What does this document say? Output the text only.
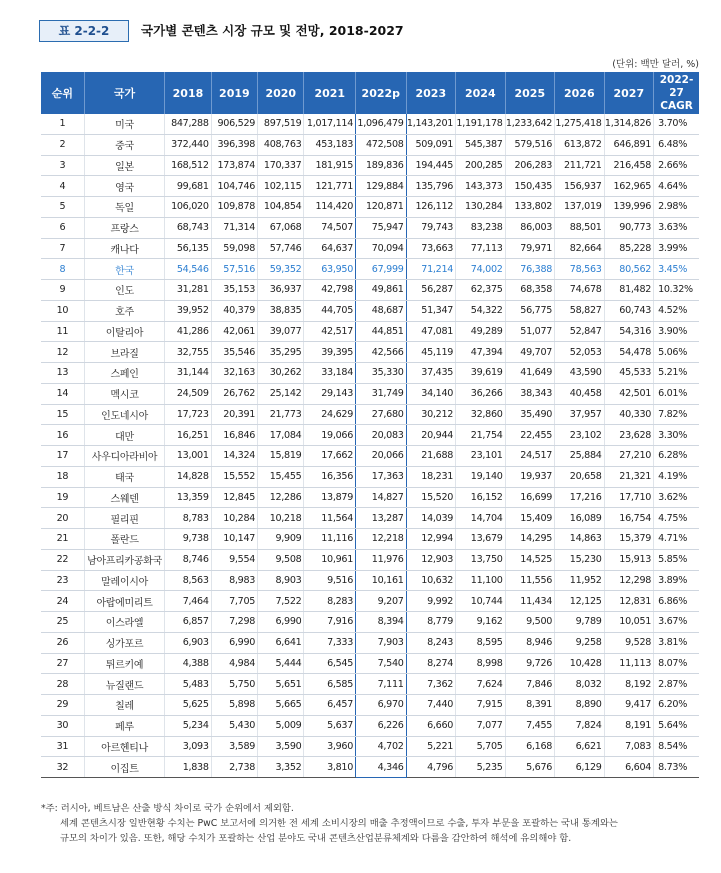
표 2-2-2	국가별 콘텐츠 시장 규모 및 전망, 2018-2027
(단위: 백만 달러, %)
순위	국가	2018	2019	2020	2021	2022p	2023	2024	2025	2026	2027	2022-27
CAGR
1	미국	847,288	906,529	897,519	1,017,114	1,096,479	1,143,201	1,191,178	1,233,642	1,275,418	1,314,826	3.70%
2	중국	372,440	396,398	408,763	453,183	472,508	509,091	545,387	579,516	613,872	646,891	6.48%
3	일본	168,512	173,874	170,337	181,915	189,836	194,445	200,285	206,283	211,721	216,458	2.66%
4	영국	99,681	104,746	102,115	121,771	129,884	135,796	143,373	150,435	156,937	162,965	4.64%
5	독일	106,020	109,878	104,854	114,420	120,871	126,112	130,284	133,802	137,019	139,996	2.98%
6	프랑스	68,743	71,314	67,068	74,507	75,947	79,743	83,238	86,003	88,501	90,773	3.63%
7	캐나다	56,135	59,098	57,746	64,637	70,094	73,663	77,113	79,971	82,664	85,228	3.99%
8	한국	54,546	57,516	59,352	63,950	67,999	71,214	74,002	76,388	78,563	80,562	3.45%
9	인도	31,281	35,153	36,937	42,798	49,861	56,287	62,375	68,358	74,678	81,482	10.32%
10	호주	39,952	40,379	38,835	44,705	48,687	51,347	54,322	56,775	58,827	60,743	4.52%
11	이탈리아	41,286	42,061	39,077	42,517	44,851	47,081	49,289	51,077	52,847	54,316	3.90%
12	브라질	32,755	35,546	35,295	39,395	42,566	45,119	47,394	49,707	52,053	54,478	5.06%
13	스페인	31,144	32,163	30,262	33,184	35,330	37,435	39,619	41,649	43,590	45,533	5.21%
14	멕시코	24,509	26,762	25,142	29,143	31,749	34,140	36,266	38,343	40,458	42,501	6.01%
15	인도네시아	17,723	20,391	21,773	24,629	27,680	30,212	32,860	35,490	37,957	40,330	7.82%
16	대만	16,251	16,846	17,084	19,066	20,083	20,944	21,754	22,455	23,102	23,628	3.30%
17	사우디아라비아	13,001	14,324	15,819	17,662	20,066	21,688	23,101	24,517	25,884	27,210	6.28%
18	태국	14,828	15,552	15,455	16,356	17,363	18,231	19,140	19,937	20,658	21,321	4.19%
19	스웨덴	13,359	12,845	12,286	13,879	14,827	15,520	16,152	16,699	17,216	17,710	3.62%
20	필리핀	8,783	10,284	10,218	11,564	13,287	14,039	14,704	15,409	16,089	16,754	4.75%
21	폴란드	9,738	10,147	9,909	11,116	12,218	12,994	13,679	14,295	14,863	15,379	4.71%
22	남아프리카공화국	8,746	9,554	9,508	10,961	11,976	12,903	13,750	14,525	15,230	15,913	5.85%
23	말레이시아	8,563	8,983	8,903	9,516	10,161	10,632	11,100	11,556	11,952	12,298	3.89%
24	아랍에미리트	7,464	7,705	7,522	8,283	9,207	9,992	10,744	11,434	12,125	12,831	6.86%
25	이스라엘	6,857	7,298	6,990	7,916	8,394	8,779	9,162	9,500	9,789	10,051	3.67%
26	싱가포르	6,903	6,990	6,641	7,333	7,903	8,243	8,595	8,946	9,258	9,528	3.81%
27	튀르키예	4,388	4,984	5,444	6,545	7,540	8,274	8,998	9,726	10,428	11,113	8.07%
28	뉴질랜드	5,483	5,750	5,651	6,585	7,111	7,362	7,624	7,846	8,032	8,192	2.87%
29	칠레	5,625	5,898	5,665	6,457	6,970	7,440	7,915	8,391	8,890	9,417	6.20%
30	페루	5,234	5,430	5,009	5,637	6,226	6,660	7,077	7,455	7,824	8,191	5.64%
31	아르헨티나	3,093	3,589	3,590	3,960	4,702	5,221	5,705	6,168	6,621	7,083	8.54%
32	이집트	1,838	2,738	3,352	3,810	4,346	4,796	5,235	5,676	6,129	6,604	8.73%
*주: 러시아, 베트남은 산출 방식 차이로 국가 순위에서 제외함.
세계 콘텐츠시장 일반현황 수치는 PwC 보고서에 의거한 전 세계 소비시장의 매출 추정액이므로 수출, 투자 부문을 포괄하는 국내 통계와는
규모의 차이가 있음. 또한, 해당 수치가 포괄하는 산업 분야도 국내 콘텐츠산업분류체계와 다름을 감안하여 해석에 유의해야 함.
